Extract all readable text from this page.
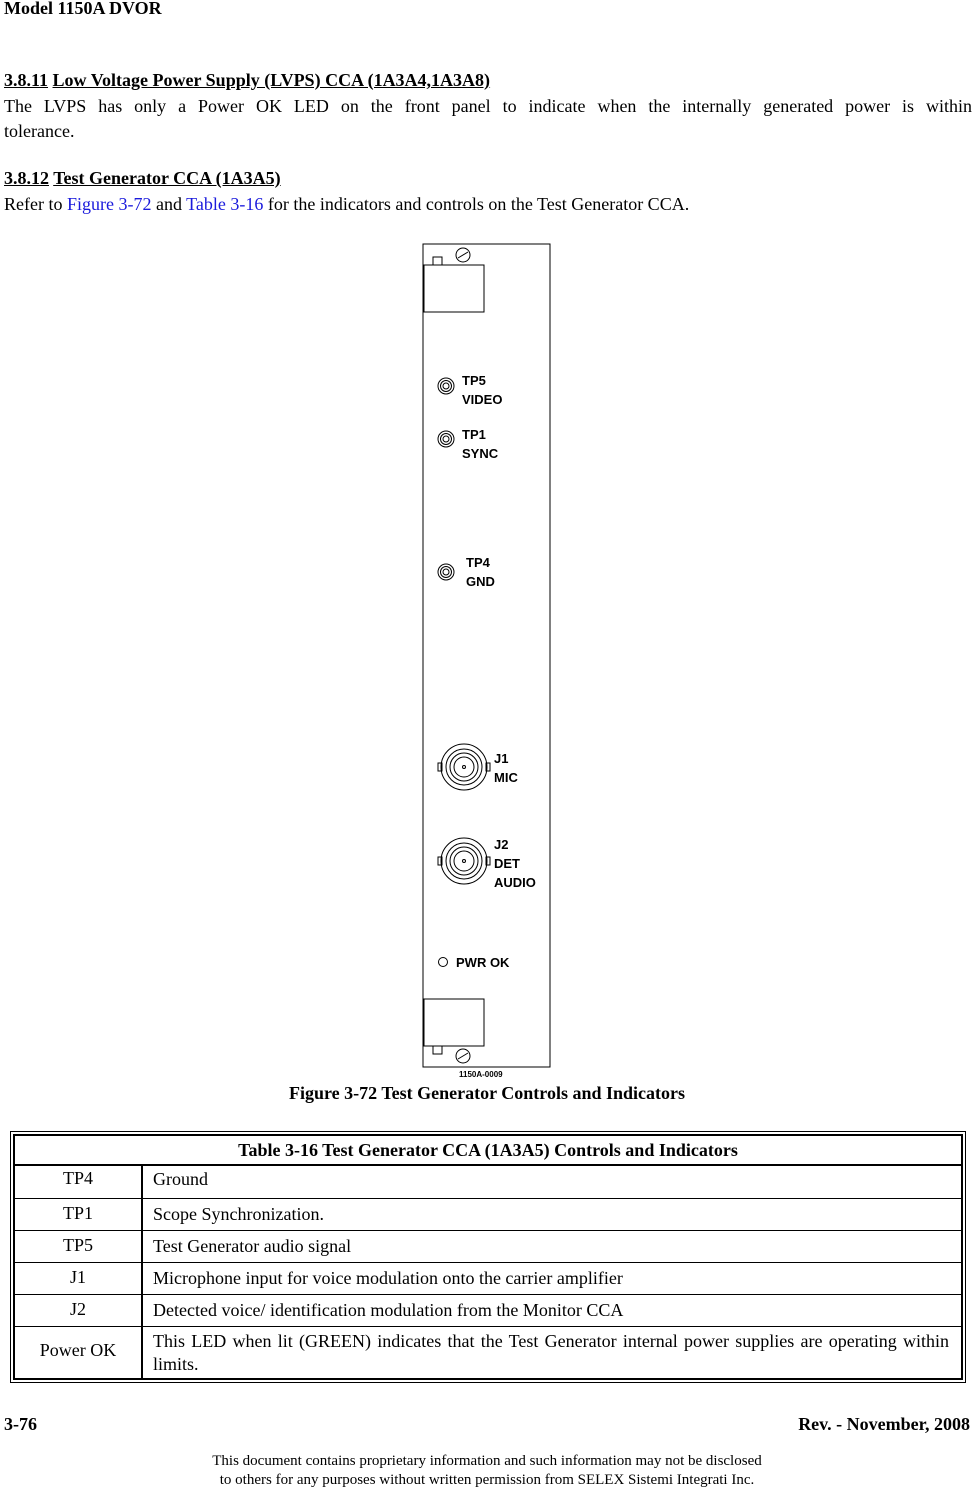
Model 1150A DVOR
3.8.11 Low Voltage Power Supply (LVPS) CCA (1A3A4,1A3A8)
The LVPS has only a Power OK LED on the front panel to indicate when the internally generated power is within
tolerance.
3.8.12 Test Generator CCA (1A3A5)
Refer to Figure 3-72 and Table 3-16 for the indicators and controls on the Test Generator CCA.
TP5
VIDEO
TP1
SYNC
TP4
GND
J1
MIC
J2
DET
AUDIO
PWR OK
1150A-0009
Figure 3-72 Test Generator Controls and Indicators
Table 3-16 Test Generator CCA (1A3A5) Controls and Indicators
TP4	Ground
TP1	Scope Synchronization.
TP5	Test Generator audio signal
J1	Microphone input for voice modulation onto the carrier amplifier
J2	Detected voice/ identification modulation from the Monitor CCA
Power OK	This LED when lit (GREEN) indicates that the Test Generator internal power supplies are operating within limits.
3-76	Rev. - November, 2008
This document contains proprietary information and such information may not be disclosed
to others for any purposes without written permission from SELEX Sistemi Integrati Inc.
